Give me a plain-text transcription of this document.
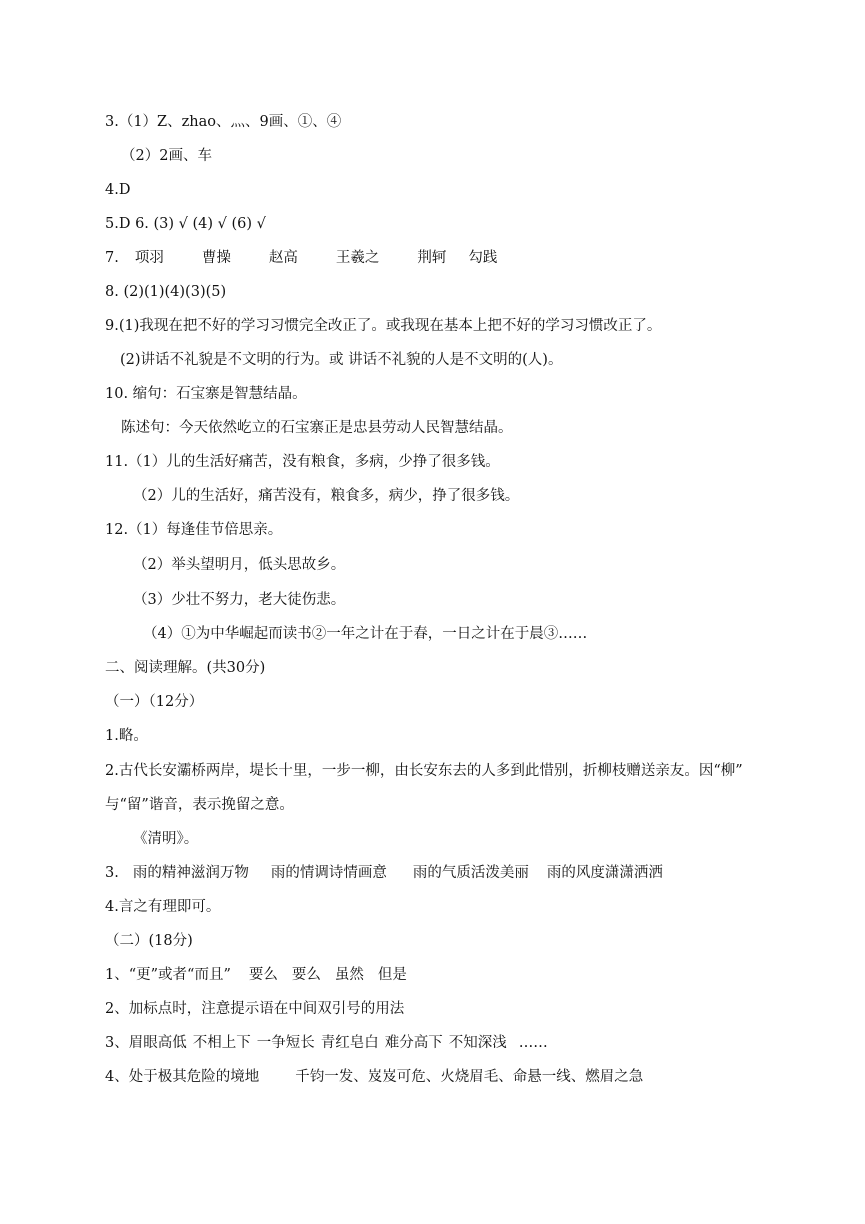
3.（1）Z、zhao、灬、9画、①、④
（2）2画、⻋
4.D
5.D 6. (3) √ (4) √ (6) √
7. 项羽	曹操	赵高	王羲之	荆轲 勾践
8. (2)(1)(4)(3)(5)
9.(1)我现在把不好的学习习惯完全改正了。或我现在基本上把不好的学习习惯改正了。
(2)讲话不礼貌是不文明的行为。或 讲话不礼貌的人是不文明的(人)。
10. 缩句：石宝寨是智慧结晶。
陈述句：今天依然屹立的石宝寨正是忠县劳动人民智慧结晶。
11.（1）儿的生活好痛苦，没有粮食，多病，少挣了很多钱。
（2）儿的生活好，痛苦没有，粮食多，病少，挣了很多钱。
12.（1）每逢佳节倍思亲。
（2）举头望明月，低头思故乡。
（3）少壮不努力，老大徒伤悲。
（4）①为中华崛起而读书②一年之计在于春，一日之计在于晨③……
二、阅读理解。(共30分)
（一）（12分）
1.略。
2.古代长安灞桥两岸，堤长十里，一步一柳，由长安东去的人多到此惜别，折柳枝赠送亲友。因“柳”
与“留”谐音，表示挽留之意。
《清明》。
3. 雨的精神滋润万物 雨的情调诗情画意 雨的气质活泼美丽 雨的风度潇潇洒洒
4.言之有理即可。
（二）(18分)
1、“更”或者“而且” 要么 要么 虽然 但是
2、加标点时，注意提示语在中间双引号的用法
3、眉眼高低 不相上下 一争短长 青红皂白 难分高下 不知深浅 ……
4、处于极其危险的境地 千钧一发、岌岌可危、火烧眉毛、命悬一线、燃眉之急
